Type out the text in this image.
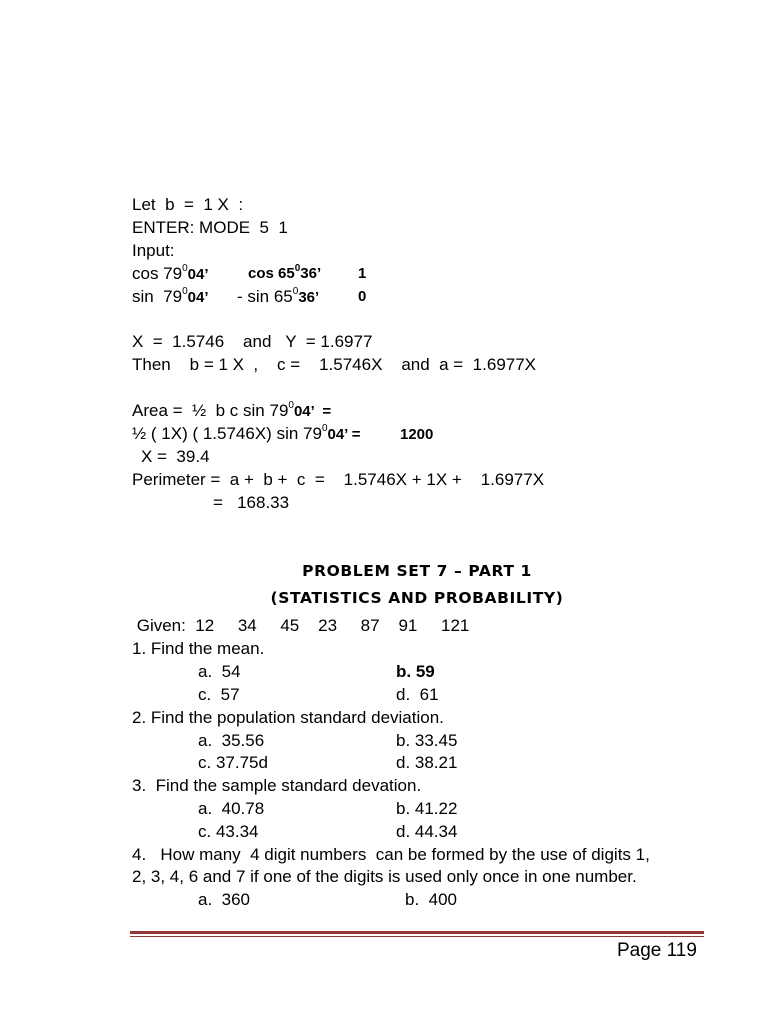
Let  b  =  1 X  :
ENTER: MODE  5  1
Input:
$\cos 79^004$’	$\cos 65^036$’ 1
$\sin 79^004$’ - $\sin 65^036$’	0
X  =  1.5746    and   Y  = 1.6977
Then    b = 1 X  ,    c =    1.5746X    and  a =  1.6977X
Area =  ½  b c $\sin 79^004$’  =
½ ( 1X) ( 1.5746X) $\sin 79^004$’ =	1200
X =  39.4
Perimeter =  a +  b +  c  =    1.5746X + 1X +    1.6977X
=   168.33
PROBLEM SET 7 – PART 1
(STATISTICS AND PROBABILITY)
Given:  12     34     45    23     87    91     121
1. Find the mean.
a.  54	b. 59
c.  57	d.  61
2. Find the population standard deviation.
a.  35.56	b. 33.45
c. 37.75d	d. 38.21
3.  Find the sample standard devation.
a.  40.78	b. 41.22
c. 43.34	d. 44.34
4.   How many  4 digit numbers  can be formed by the use of digits 1,
2, 3, 4, 6 and 7 if one of the digits is used only once in one number.
a.  360	b.  400
Page 119
